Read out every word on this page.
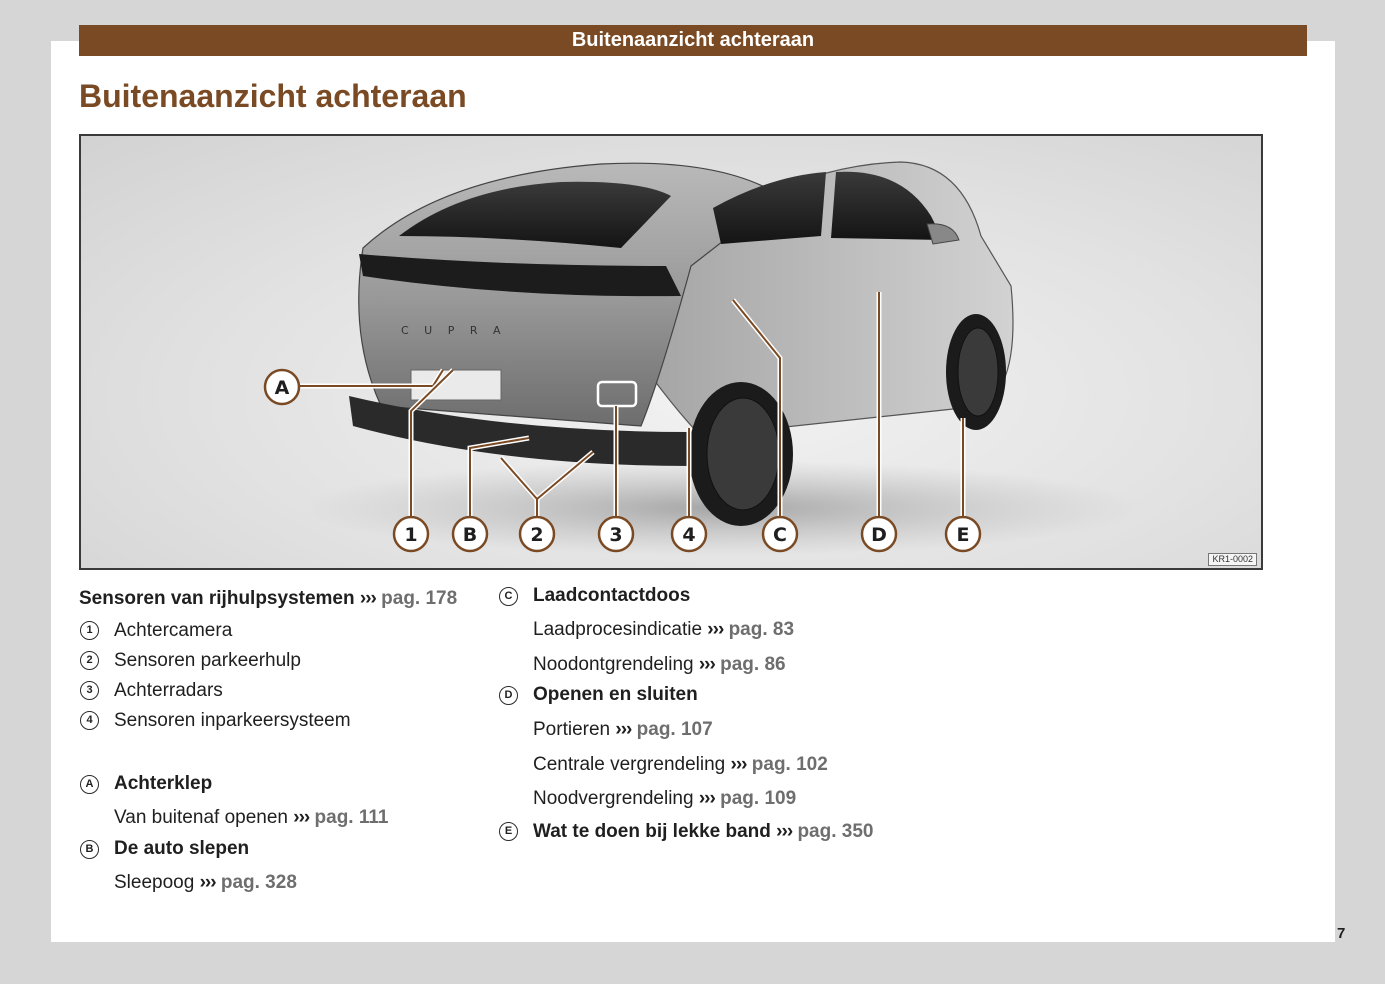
Buitenaanzicht achteraan
Buitenaanzicht achteraan
C U P R A
A
1 B	2	3	4	C	D	E
KR1-0002
Sensoren van rijhulpsystemen ››› pag. 178
1	Achtercamera
2	Sensoren parkeerhulp
3	Achterradars
4	Sensoren inparkeersysteem
A Achterklep
Van buitenaf openen ››› pag. 111
B De auto slepen
Sleepoog ››› pag. 328
C Laadcontactdoos
Laadprocesindicatie ››› pag. 83
Noodontgrendeling ››› pag. 86
D Openen en sluiten
Portieren ››› pag. 107
Centrale vergrendeling ››› pag. 102
Noodvergrendeling ››› pag. 109
E	Wat te doen bij lekke band ››› pag. 350
7
